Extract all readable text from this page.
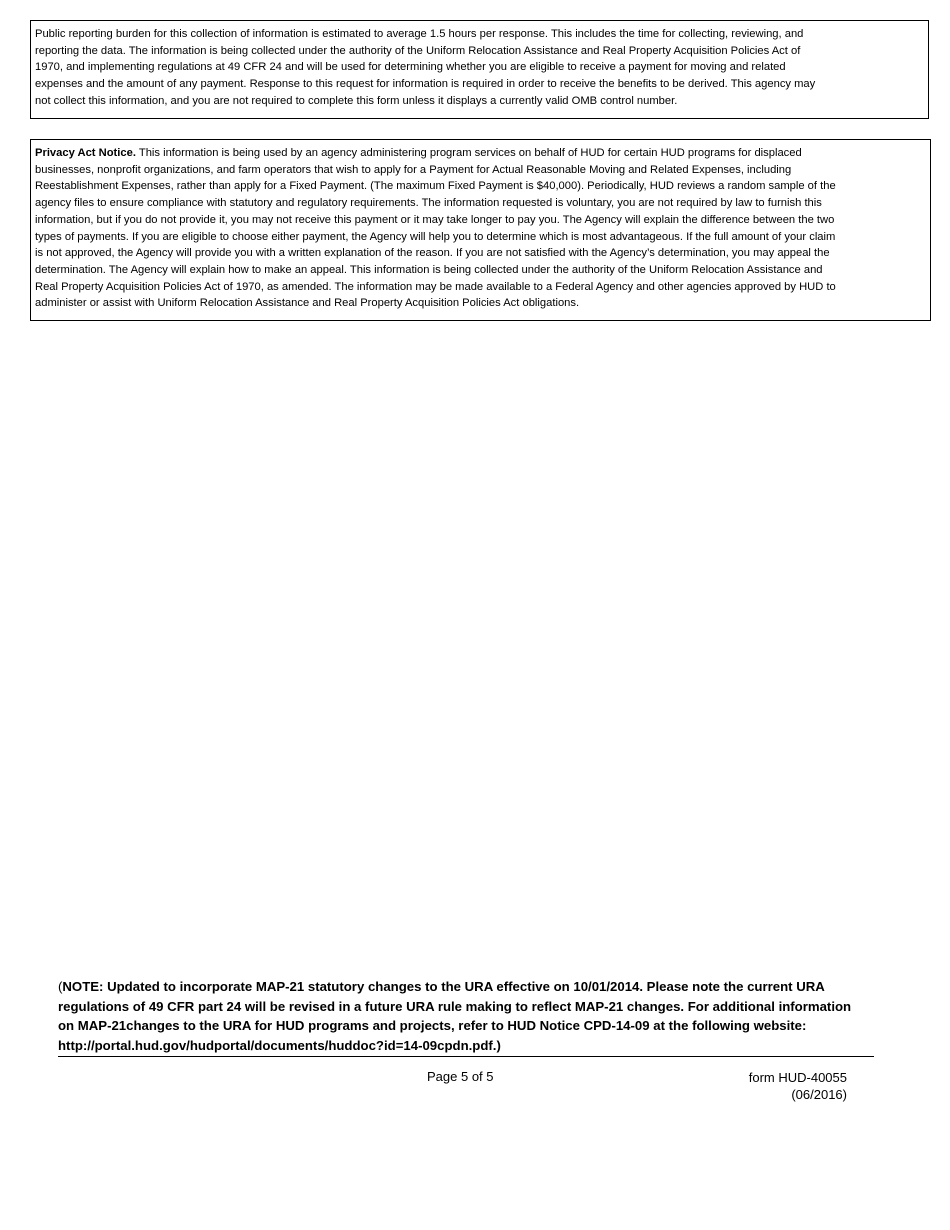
Public reporting burden for this collection of information is estimated to average 1.5 hours per response. This includes the time for collecting, reviewing, and
reporting the data. The information is being collected under the authority of the Uniform Relocation Assistance and Real Property Acquisition Policies Act of
1970, and implementing regulations at 49 CFR 24 and will be used for determining whether you are eligible to receive a payment for moving and related
expenses and the amount of any payment. Response to this request for information is required in order to receive the benefits to be derived. This agency may
not collect this information, and you are not required to complete this form unless it displays a currently valid OMB control number.
Privacy Act Notice. This information is being used by an agency administering program services on behalf of HUD for certain HUD programs for displaced
businesses, nonprofit organizations, and farm operators that wish to apply for a Payment for Actual Reasonable Moving and Related Expenses, including
Reestablishment Expenses, rather than apply for a Fixed Payment. (The maximum Fixed Payment is $40,000). Periodically, HUD reviews a random sample of the
agency files to ensure compliance with statutory and regulatory requirements. The information requested is voluntary, you are not required by law to furnish this
information, but if you do not provide it, you may not receive this payment or it may take longer to pay you. The Agency will explain the difference between the two
types of payments. If you are eligible to choose either payment, the Agency will help you to determine which is most advantageous. If the full amount of your claim
is not approved, the Agency will provide you with a written explanation of the reason. If you are not satisfied with the Agency’s determination, you may appeal the
determination. The Agency will explain how to make an appeal. This information is being collected under the authority of the Uniform Relocation Assistance and
Real Property Acquisition Policies Act of 1970, as amended. The information may be made available to a Federal Agency and other agencies approved by HUD to
administer or assist with Uniform Relocation Assistance and Real Property Acquisition Policies Act obligations.
(NOTE: Updated to incorporate MAP-21 statutory changes to the URA effective on 10/01/2014. Please note the current URA
regulations of 49 CFR part 24 will be revised in a future URA rule making to reflect MAP-21 changes. For additional information
on MAP-21changes to the URA for HUD programs and projects, refer to HUD Notice CPD-14-09 at the following website:
http://portal.hud.gov/hudportal/documents/huddoc?id=14-09cpdn.pdf.)
Page 5 of 5	form HUD-40055
(06/2016)
